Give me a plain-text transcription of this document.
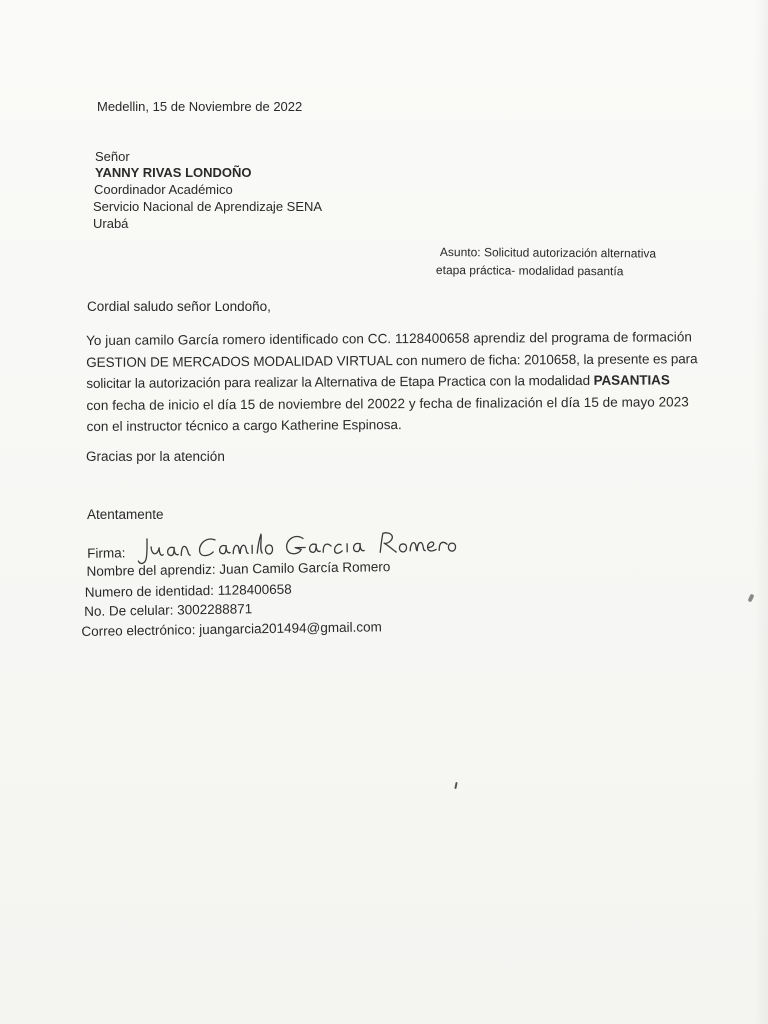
Medellin, 15 de Noviembre de 2022
Señor
YANNY RIVAS LONDOÑO
Coordinador Académico
Servicio Nacional de Aprendizaje SENA
Urabá
Asunto: Solicitud autorización alternativa
etapa práctica- modalidad pasantía
Cordial saludo señor Londoño,
Yo juan camilo García romero identificado con CC. 1128400658 aprendiz del programa de formación
GESTION DE MERCADOS MODALIDAD VIRTUAL con numero de ficha: 2010658, la presente es para
solicitar la autorización para realizar la Alternativa de Etapa Practica con la modalidad PASANTIAS
con fecha de inicio el día 15 de noviembre del 20022 y fecha de finalización el día 15 de mayo 2023
con el instructor técnico a cargo Katherine Espinosa.
Gracias por la atención
Atentamente
Firma:
Nombre del aprendiz: Juan Camilo García Romero
Numero de identidad: 1128400658
No. De celular: 3002288871
Correo electrónico: juangarcia201494@gmail.com
